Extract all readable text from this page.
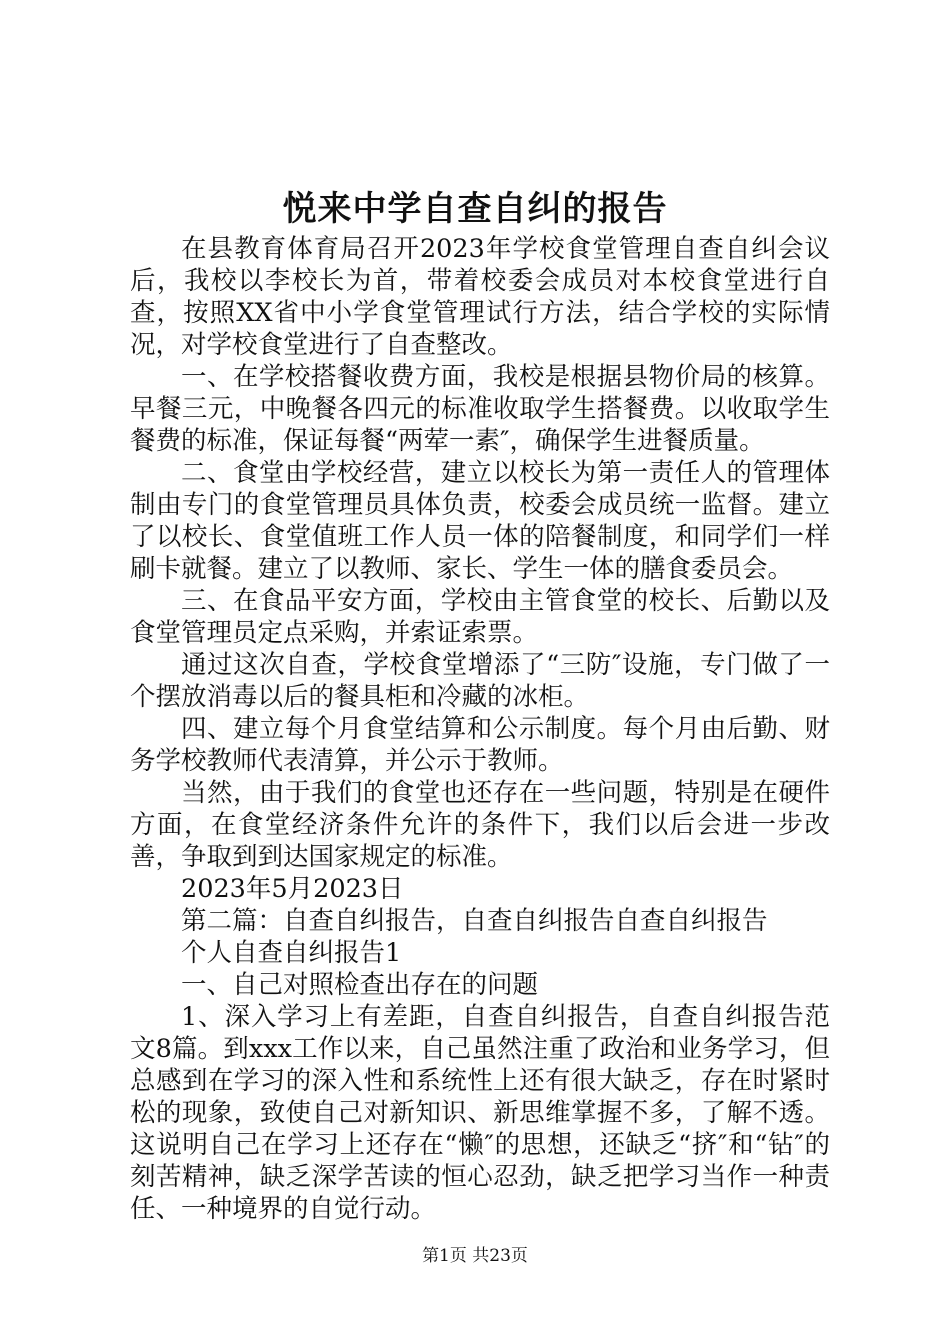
悦来中学自查自纠的报告

在县教育体育局召开2023年学校食堂管理自查自纠会议后，我校以李校长为首，带着校委会成员对本校食堂进行自查，按照XX省中小学食堂管理试行方法，结合学校的实际情况，对学校食堂进行了自查整改。

一、在学校搭餐收费方面，我校是根据县物价局的核算。早餐三元，中晚餐各四元的标准收取学生搭餐费。以收取学生餐费的标准，保证每餐“两荤一素″，确保学生进餐质量。

二、食堂由学校经营，建立以校长为第一责任人的管理体制由专门的食堂管理员具体负责，校委会成员统一监督。建立了以校长、食堂值班工作人员一体的陪餐制度，和同学们一样刷卡就餐。建立了以教师、家长、学生一体的膳食委员会。

三、在食品平安方面，学校由主管食堂的校长、后勤以及食堂管理员定点采购，并索证索票。

通过这次自查，学校食堂增添了“三防″设施，专门做了一个摆放消毒以后的餐具柜和冷藏的冰柜。

四、建立每个月食堂结算和公示制度。每个月由后勤、财务学校教师代表清算，并公示于教师。

当然，由于我们的食堂也还存在一些问题，特别是在硬件方面，在食堂经济条件允许的条件下，我们以后会进一步改善，争取到到达国家规定的标准。

2023年5月2023日

第二篇：自查自纠报告，自查自纠报告自查自纠报告

个人自查自纠报告1

一、自己对照检查出存在的问题

1、深入学习上有差距，自查自纠报告，自查自纠报告范文8篇。到xxx工作以来，自己虽然注重了政治和业务学习，但总感到在学习的深入性和系统性上还有很大缺乏，存在时紧时松的现象，致使自己对新知识、新思维掌握不多，了解不透。这说明自己在学习上还存在“懒″的思想，还缺乏“挤″和“钻″的刻苦精神，缺乏深学苦读的恒心忍劲，缺乏把学习当作一种责任、一种境界的自觉行动。

第1页 共23页
